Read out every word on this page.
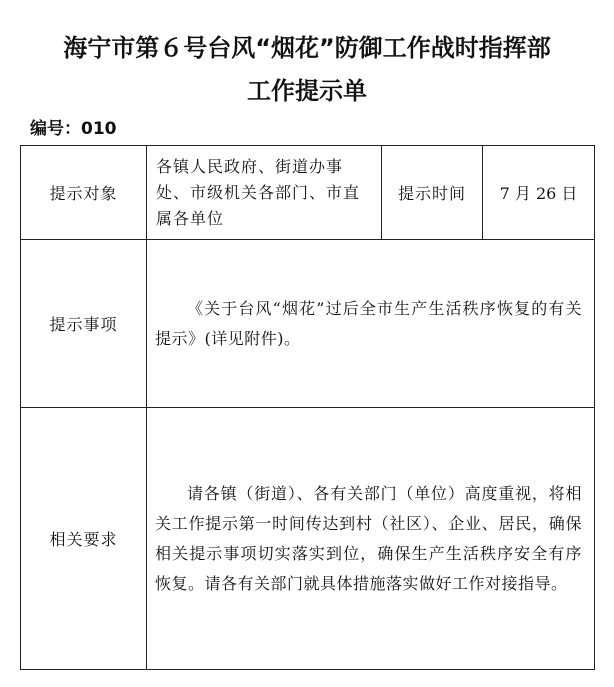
海宁市第６号台风“烟花”防御工作战时指挥部
工作提示单
编号：010
提示对象	各镇人民政府、街道办事处、市级机关各部门、市直属各单位	提示时间	7 月 26 日
提示事项	《关于台风“烟花”过后全市生产生活秩序恢复的有关提示》(详见附件)。		

相关要求	请各镇（街道）、各有关部门（单位）高度重视，将相关工作提示第一时间传达到村（社区）、企业、居民，确保相关提示事项切实落实到位，确保生产生活秩序安全有序恢复。请各有关部门就具体措施落实做好工作对接指导。		
